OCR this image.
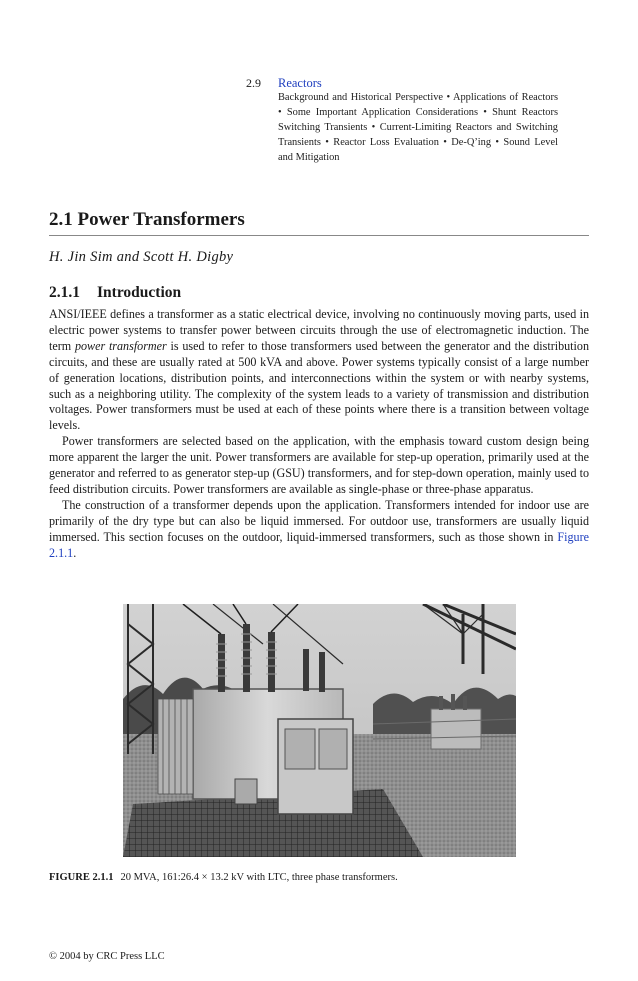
2.9 Reactors
Background and Historical Perspective • Applications of Reactors • Some Important Application Considerations • Shunt Reactors Switching Transients • Current-Limiting Reactors and Switching Transients • Reactor Loss Evaluation • De-Q’ing • Sound Level and Mitigation
2.1 Power Transformers
H. Jin Sim and Scott H. Digby
2.1.1 Introduction

ANSI/IEEE defines a transformer as a static electrical device, involving no continuously moving parts, used in electric power systems to transfer power between circuits through the use of electromagnetic induction. The term power transformer is used to refer to those transformers used between the generator and the distribution circuits, and these are usually rated at 500 kVA and above. Power systems typically consist of a large number of generation locations, distribution points, and interconnections within the system or with nearby systems, such as a neighboring utility. The complexity of the system leads to a variety of transmission and distribution voltages. Power transformers must be used at each of these points where there is a transition between voltage levels.

Power transformers are selected based on the application, with the emphasis toward custom design being more apparent the larger the unit. Power transformers are available for step-up operation, primarily used at the generator and referred to as generator step-up (GSU) transformers, and for step-down operation, mainly used to feed distribution circuits. Power transformers are available as single-phase or three-phase apparatus.

The construction of a transformer depends upon the application. Transformers intended for indoor use are primarily of the dry type but can also be liquid immersed. For outdoor use, transformers are usually liquid immersed. This section focuses on the outdoor, liquid-immersed transformers, such as those shown in Figure 2.1.1.

FIGURE 2.1.1 20 MVA, 161:26.4 × 13.2 kV with LTC, three phase transformers.
© 2004 by CRC Press LLC
